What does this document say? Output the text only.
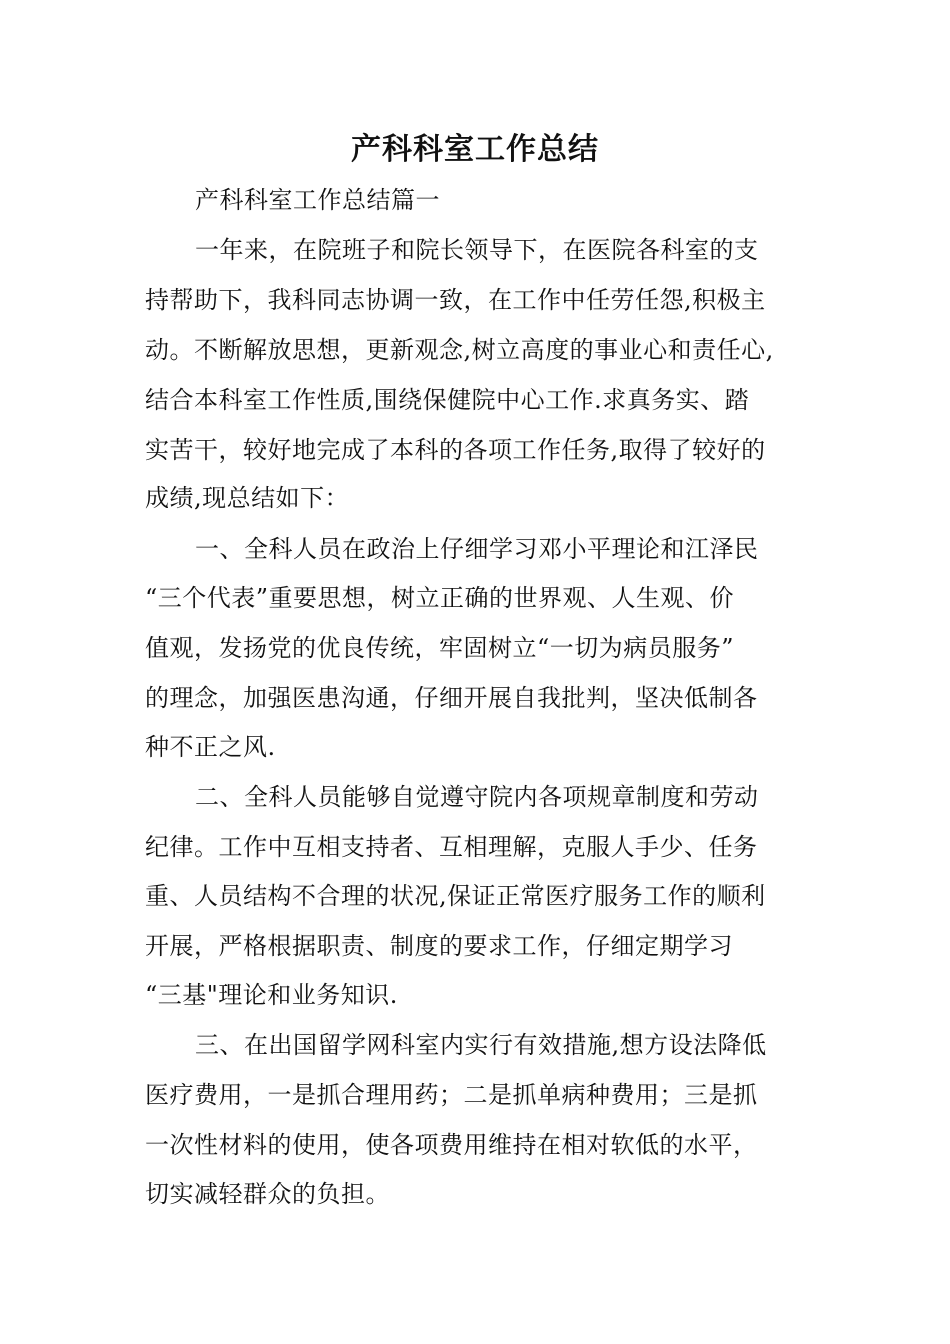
产科科室工作总结
产科科室工作总结篇一
一年来，在院班子和院长领导下，在医院各科室的支
持帮助下，我科同志协调一致，在工作中任劳任怨,积极主
动。不断解放思想，更新观念,树立高度的事业心和责任心,
结合本科室工作性质,围绕保健院中心工作.求真务实、踏
实苦干，较好地完成了本科的各项工作任务,取得了较好的
成绩,现总结如下：
一、全科人员在政治上仔细学习邓小平理论和江泽民
“三个代表”重要思想，树立正确的世界观、人生观、价
值观，发扬党的优良传统，牢固树立“一切为病员服务”
的理念，加强医患沟通，仔细开展自我批判，坚决低制各
种不正之风.
二、全科人员能够自觉遵守院内各项规章制度和劳动
纪律。工作中互相支持者、互相理解，克服人手少、任务
重、人员结构不合理的状况,保证正常医疗服务工作的顺利
开展，严格根据职责、制度的要求工作，仔细定期学习
“三基"理论和业务知识.
三、在出国留学网科室内实行有效措施,想方设法降低
医疗费用，一是抓合理用药；二是抓单病种费用；三是抓
一次性材料的使用，使各项费用维持在相对软低的水平，
切实减轻群众的负担。
